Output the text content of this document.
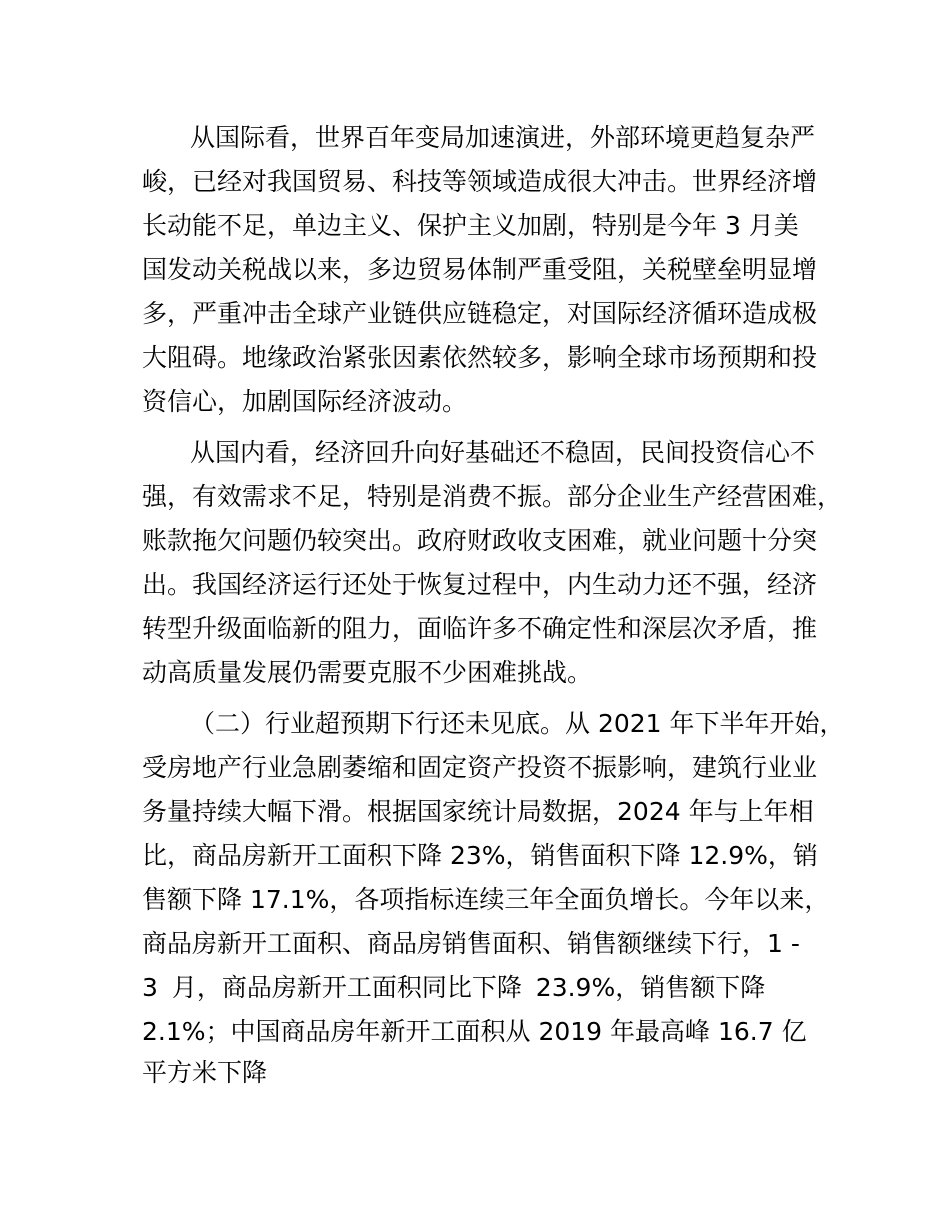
从国际看，世界百年变局加速演进，外部环境更趋复杂严

峻，已经对我国贸易、科技等领域造成很大冲击。世界经济增

长动能不足，单边主义、保护主义加剧，特别是今年 3 月美

国发动关税战以来，多边贸易体制严重受阻，关税壁垒明显增

多，严重冲击全球产业链供应链稳定，对国际经济循环造成极

大阻碍。地缘政治紧张因素依然较多，影响全球市场预期和投

资信心，加剧国际经济波动。

从国内看，经济回升向好基础还不稳固，民间投资信心不

强，有效需求不足，特别是消费不振。部分企业生产经营困难，

账款拖欠问题仍较突出。政府财政收支困难，就业问题十分突

出。我国经济运行还处于恢复过程中，内生动力还不强，经济

转型升级面临新的阻力，面临许多不确定性和深层次矛盾，推

动高质量发展仍需要克服不少困难挑战。

（二）行业超预期下行还未见底。从 2021 年下半年开始，

受房地产行业急剧萎缩和固定资产投资不振影响，建筑行业业

务量持续大幅下滑。根据国家统计局数据，2024 年与上年相

比，商品房新开工面积下降 23%，销售面积下降 12.9%，销

售额下降 17.1%，各项指标连续三年全面负增长。今年以来，

商品房新开工面积、商品房销售面积、销售额继续下行，1 -

3 月，商品房新开工面积同比下降 23.9%，销售额下降

2.1%；中国商品房年新开工面积从 2019 年最高峰 16.7 亿

平方米下降
